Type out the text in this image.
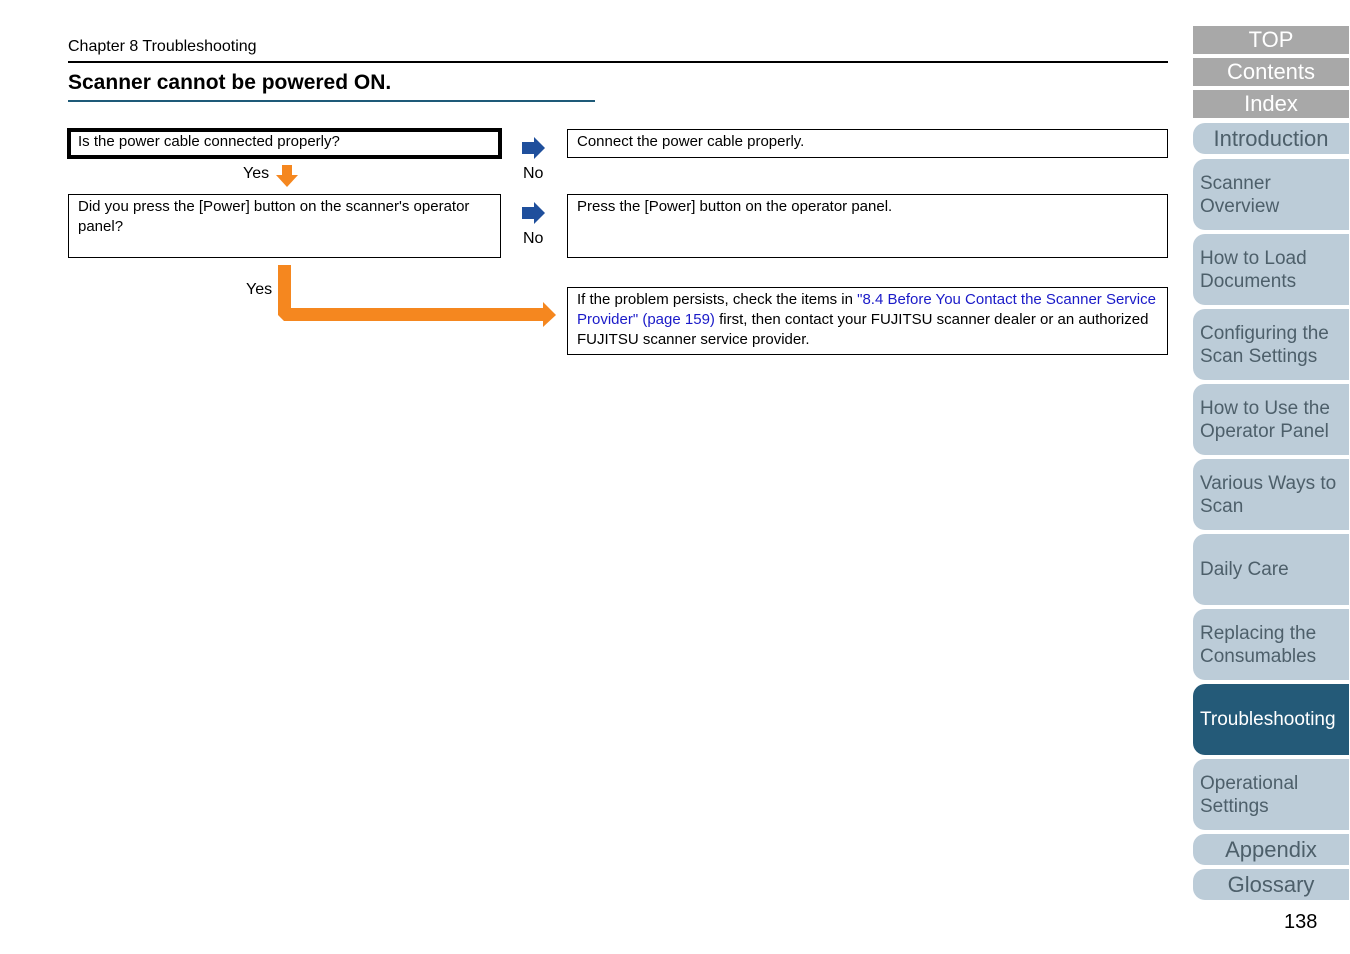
Chapter 8 Troubleshooting
Scanner cannot be powered ON.
Is the power cable connected properly?	Connect the power cable properly.
No
Yes
Did you press the [Power] button on the scanner's operator panel?
Press the [Power] button on the operator panel.
No
Yes
If the problem persists, check the items in "8.4 Before You Contact the Scanner Service Provider" (page 159) first, then contact your FUJITSU scanner dealer or an authorized FUJITSU scanner service provider.
TOP
Contents
Index
Introduction
Scanner Overview
How to Load Documents
Configuring the Scan Settings
How to Use the Operator Panel
Various Ways to Scan
Daily Care
Replacing the Consumables
Troubleshooting
Operational Settings
Appendix
Glossary
138
